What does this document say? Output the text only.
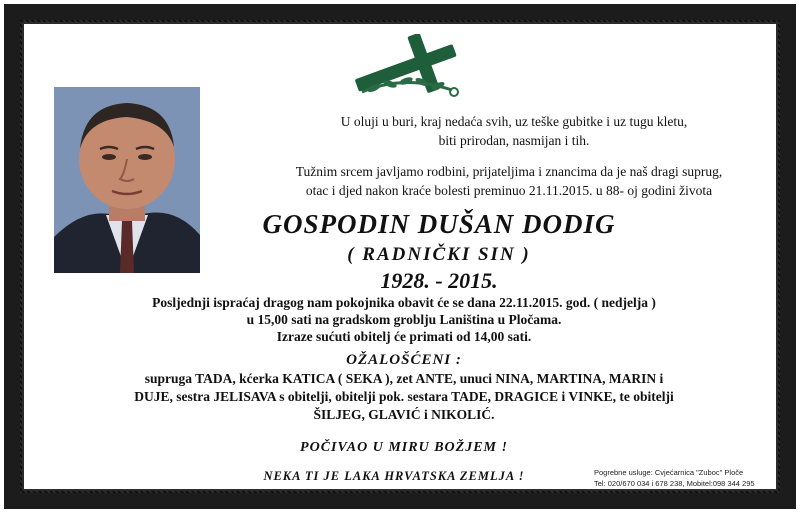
U oluji u buri, kraj nedaća svih, uz teške gubitke i uz tugu kletu,
biti prirodan, nasmijan i tih.
Tužnim srcem javljamo rodbini, prijateljima i znancima da je naš dragi suprug,
otac i djed nakon kraće bolesti preminuo 21.11.2015. u 88- oj godini života
GOSPODIN DUŠAN DODIG
( RADNIČKI SIN )
1928. - 2015.
Posljednji ispraćaj dragog nam pokojnika obavit će se dana 22.11.2015. god. ( nedjelja )
u 15,00 sati na gradskom groblju Laniština u Pločama.
Izraze sućuti obitelj će primati od 14,00 sati.
OŽALOŠĆENI :
supruga TADA, kćerka KATICA ( SEKA ), zet ANTE, unuci NINA, MARTINA, MARIN i
DUJE, sestra JELISAVA s obitelji, obitelji pok. sestara TADE, DRAGICE i VINKE, te obitelji
ŠILJEG, GLAVIĆ i NIKOLIĆ.
POČIVAO U MIRU BOŽJEM !
NEKA TI JE LAKA HRVATSKA ZEMLJA !	Pogrebne usluge: Cvjećarnica "Zuboc" Ploče
Tel: 020/670 034 i 678 238, Mobitel:098 344 295
